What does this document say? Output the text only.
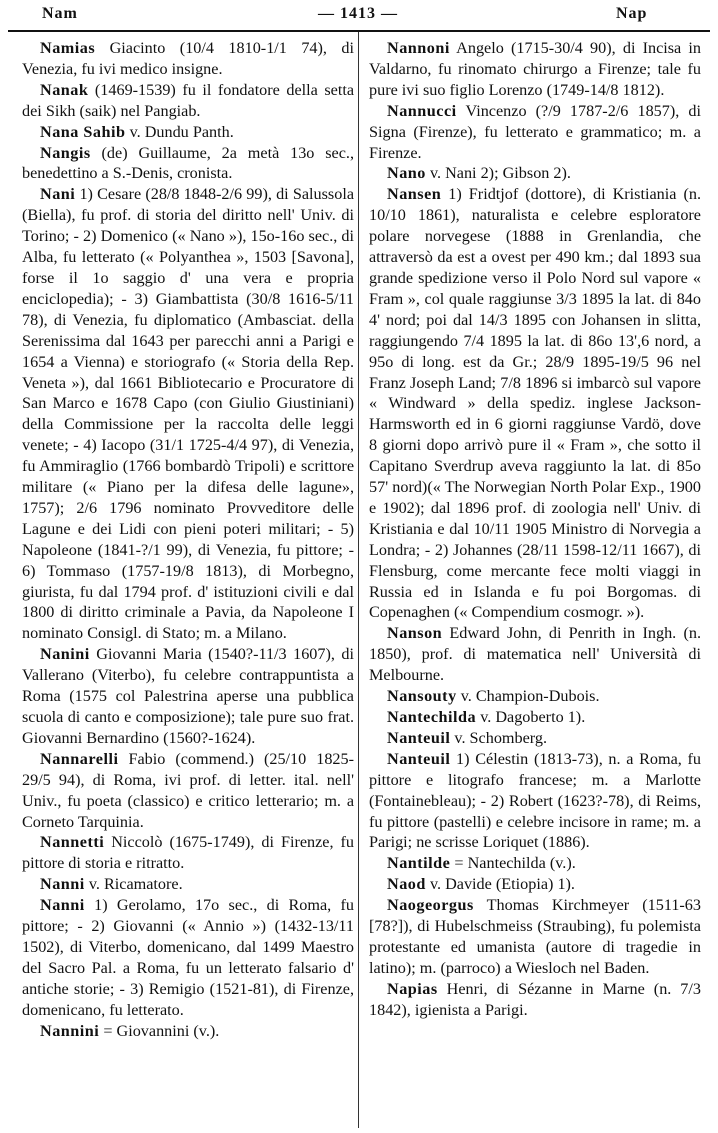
Nam	— 1413 —	Nap

Namias Giacinto (10/4 1810-1/1 74), di Venezia, fu ivi medico insigne.

Nanak (1469-1539) fu il fondatore della setta dei Sikh (saik) nel Pangiab.

Nana Sahib v. Dundu Panth.

Nangis (de) Guillaume, 2a metà 13o sec., benedettino a S.-Denis, cronista.

Nani 1) Cesare (28/8 1848-2/6 99), di Salussola (Biella), fu prof. di storia del diritto nell' Univ. di Torino; - 2) Domenico (« Nano »), 15o-16o sec., di Alba, fu letterato (« Polyanthea », 1503 [Savona], forse il 1o saggio d' una vera e propria enciclopedia); - 3) Giambattista (30/8 1616-5/11 78), di Venezia, fu diplomatico (Ambasciat. della Serenissima dal 1643 per parecchi anni a Parigi e 1654 a Vienna) e storiografo (« Storia della Rep. Veneta »), dal 1661 Bibliotecario e Procuratore di San Marco e 1678 Capo (con Giulio Giustiniani) della Commissione per la raccolta delle leggi venete; - 4) Iacopo (31/1 1725-4/4 97), di Venezia, fu Ammiraglio (1766 bombardò Tripoli) e scrittore militare (« Piano per la difesa delle lagune», 1757); 2/6 1796 nominato Provveditore delle Lagune e dei Lidi con pieni poteri militari; - 5) Napoleone (1841-?/1 99), di Venezia, fu pittore; - 6) Tommaso (1757-19/8 1813), di Morbegno, giurista, fu dal 1794 prof. d' istituzioni civili e dal 1800 di diritto criminale a Pavia, da Napoleone I nominato Consigl. di Stato; m. a Milano.

Nanini Giovanni Maria (1540?-11/3 1607), di Vallerano (Viterbo), fu celebre contrappuntista a Roma (1575 col Palestrina aperse una pubblica scuola di canto e composizione); tale pure suo frat. Giovanni Bernardino (1560?-1624).

Nannarelli Fabio (commend.) (25/10 1825-29/5 94), di Roma, ivi prof. di letter. ital. nell' Univ., fu poeta (classico) e critico letterario; m. a Corneto Tarquinia.

Nannetti Niccolò (1675-1749), di Firenze, fu pittore di storia e ritratto.

Nanni v. Ricamatore.

Nanni 1) Gerolamo, 17o sec., di Roma, fu pittore; - 2) Giovanni (« Annio ») (1432-13/11 1502), di Viterbo, domenicano, dal 1499 Maestro del Sacro Pal. a Roma, fu un letterato falsario d' antiche storie; - 3) Remigio (1521-81), di Firenze, domenicano, fu letterato.

Nannini = Giovannini (v.).

Nannoni Angelo (1715-30/4 90), di Incisa in Valdarno, fu rinomato chirurgo a Firenze; tale fu pure ivi suo figlio Lorenzo (1749-14/8 1812).

Nannucci Vincenzo (?/9 1787-2/6 1857), di Signa (Firenze), fu letterato e grammatico; m. a Firenze.

Nano v. Nani 2); Gibson 2).

Nansen 1) Fridtjof (dottore), di Kristiania (n. 10/10 1861), naturalista e celebre esploratore polare norvegese (1888 in Grenlandia, che attraversò da est a ovest per 490 km.; dal 1893 sua grande spedizione verso il Polo Nord sul vapore « Fram », col quale raggiunse 3/3 1895 la lat. di 84o 4' nord; poi dal 14/3 1895 con Johansen in slitta, raggiungendo 7/4 1895 la lat. di 86o 13',6 nord, a 95o di long. est da Gr.; 28/9 1895-19/5 96 nel Franz Joseph Land; 7/8 1896 si imbarcò sul vapore « Windward » della spediz. inglese Jackson-Harmsworth ed in 6 giorni raggiunse Vardö, dove 8 giorni dopo arrivò pure il « Fram », che sotto il Capitano Sverdrup aveva raggiunto la lat. di 85o 57' nord)(« The Norwegian North Polar Exp., 1900 e 1902); dal 1896 prof. di zoologia nell' Univ. di Kristiania e dal 10/11 1905 Ministro di Norvegia a Londra; - 2) Johannes (28/11 1598-12/11 1667), di Flensburg, come mercante fece molti viaggi in Russia ed in Islanda e fu poi Borgomas. di Copenaghen (« Compendium cosmogr. »).

Nanson Edward John, di Penrith in Ingh. (n. 1850), prof. di matematica nell' Università di Melbourne.

Nansouty v. Champion-Dubois.

Nantechilda v. Dagoberto 1).

Nanteuil v. Schomberg.

Nanteuil 1) Célestin (1813-73), n. a Roma, fu pittore e litografo francese; m. a Marlotte (Fontainebleau); - 2) Robert (1623?-78), di Reims, fu pittore (pastelli) e celebre incisore in rame; m. a Parigi; ne scrisse Loriquet (1886).

Nantilde = Nantechilda (v.).

Naod v. Davide (Etiopia) 1).

Naogeorgus Thomas Kirchmeyer (1511-63 [78?]), di Hubelschmeiss (Straubing), fu polemista protestante ed umanista (autore di tragedie in latino); m. (parroco) a Wiesloch nel Baden.

Napias Henri, di Sézanne in Marne (n. 7/3 1842), igienista a Parigi.
